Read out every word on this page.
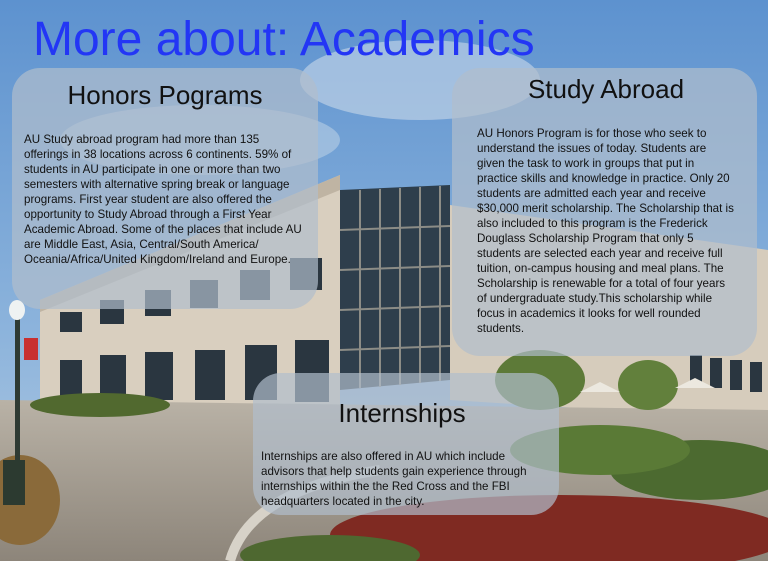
More about: Academics
Honors Pograms

AU Study abroad program had more than 135 offerings in 38 locations across 6 continents. 59% of students in AU participate in one or more than two semesters with alternative spring break or language programs. First year student are also offered the opportunity to Study Abroad through a First Year Academic Abroad. Some of the places that include AU are Middle East, Asia, Central/South America/ Oceania/Africa/United Kingdom/Ireland and Europe.

Study Abroad

AU Honors Program is for those who seek to understand the issues of today. Students are given the task to work in groups that put in practice skills and knowledge in practice. Only 20 students are admitted each year and receive $30,000 merit scholarship. The Scholarship that is also included to this program is the Frederick Douglass Scholarship Program that only 5 students are selected each year and receive full tuition, on-campus housing and meal plans. The Scholarship is renewable for a total of four years of undergraduate study.This scholarship while focus in academics it looks for well rounded students.

Internships

Internships are also offered in AU which include advisors that help students gain experience through internships within the the Red Cross and the FBI headquarters located in the city.
